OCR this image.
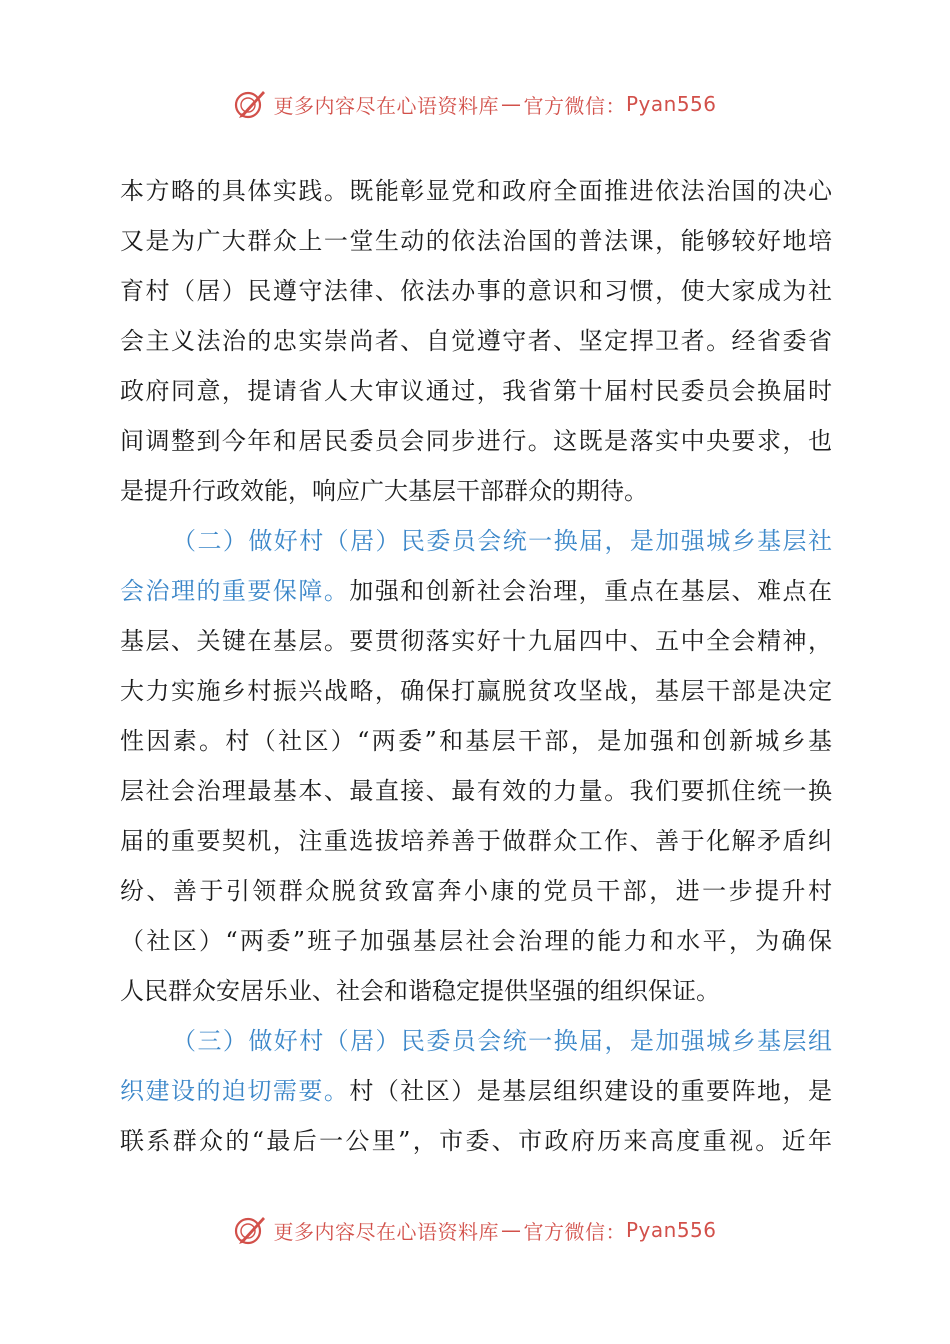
更多内容尽在心语资料库 — 官方微信： Pyan556
本方略的具体实践。既能彰显党和政府全面推进依法治国的决心
又是为广大群众上一堂生动的依法治国的普法课，能够较好地培
育村（居）民遵守法律、依法办事的意识和习惯，使大家成为社
会主义法治的忠实崇尚者、自觉遵守者、坚定捍卫者。经省委省
政府同意，提请省人大审议通过，我省第十届村民委员会换届时
间调整到今年和居民委员会同步进行。这既是落实中央要求，也
是提升行政效能，响应广大基层干部群众的期待。
（二）做好村（居）民委员会统一换届，是加强城乡基层社
会治理的重要保障。加强和创新社会治理，重点在基层、难点在
基层、关键在基层。要贯彻落实好十九届四中、五中全会精神，
大力实施乡村振兴战略，确保打赢脱贫攻坚战，基层干部是决定
性因素。村（社区）“两委”和基层干部，是加强和创新城乡基
层社会治理最基本、最直接、最有效的力量。我们要抓住统一换
届的重要契机，注重选拔培养善于做群众工作、善于化解矛盾纠
纷、善于引领群众脱贫致富奔小康的党员干部，进一步提升村
（社区）“两委”班子加强基层社会治理的能力和水平，为确保
人民群众安居乐业、社会和谐稳定提供坚强的组织保证。
（三）做好村（居）民委员会统一换届，是加强城乡基层组
织建设的迫切需要。村（社区）是基层组织建设的重要阵地，是
联系群众的“最后一公里”，市委、市政府历来高度重视。近年
更多内容尽在心语资料库 — 官方微信： Pyan556
